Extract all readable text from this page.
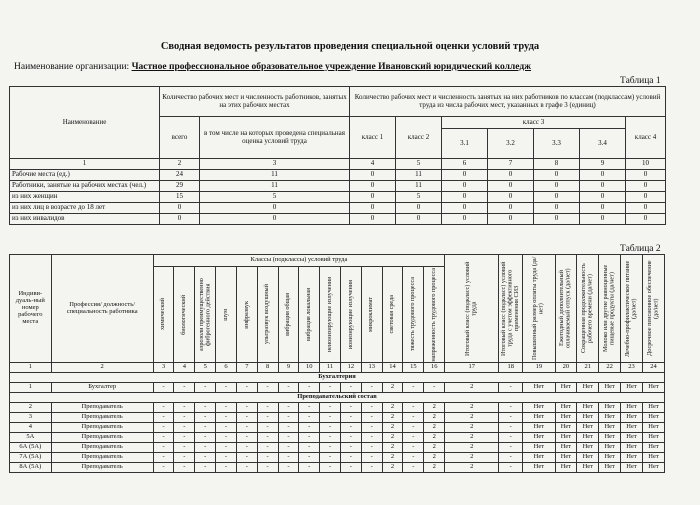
Сводная ведомость результатов проведения специальной оценки условий труда
Наименование организации: Частное профессиональное образовательное учреждение Ивановский юридический колледж
Таблица 1
Наименование	Количество рабочих мест и численность работников, занятых на этих рабочих местах		Количество рабочих мест и численность занятых на них работников по классам (подклассам) условий труда из числа рабочих мест, указанных в графе 3 (единиц)						
	всего	в том числе на которых проведена специальная оценка условий труда	класс 1	класс 2	класс 3				класс 4
					3.1	3.2	3.3	3.4	
1	2	3	4	5	6	7	8	9	10
Рабочие места (ед.)	24	11	0	11	0	0	0	0	0
Работники, занятые на рабочих местах (чел.)	29	11	0	11	0	0	0	0	0
из них женщин	15	5	0	5	0	0	0	0	0
из них лиц в возрасте до 18 лет	0	0	0	0	0	0	0	0	0
из них инвалидов	0	0	0	0	0	0	0	0	0
Таблица 2
Индиви-дуаль-ный номер рабочего места	Профессия/ должность/ специальность работника	Классы (подклассы) условий труда														Итоговый класс (подкласс) условий труда	Итоговый класс (подкласс) условий труда с учетом эффективного применения СИЗ	Повышенный размер оплаты труда (да/нет)	Ежегодный дополнительный оплачиваемый отпуск (да/нет)	Сокращенная продолжительность рабочего времени (да/нет)	Молоко или другие равноценные пищевые продукты (да/нет)	Лечебно-профилактическое питание (да/нет)	Досрочное пенсионное обеспечение (да/нет)

		химический	биологический	аэрозоли преимущественно фиброгенного действия	шум	инфразвук	ультразвук воздушный	вибрация общая	вибрация локальная	неионизирующие излучения	ионизирующие излучения	микроклимат	световая среда	тяжесть трудового процесса	напряженность трудового процесса								

1	2	3	4	5	6	7	8	9	10	11	12	13	14	15	16	17	18	19	20	21	22	23	24
Бухгалтерия																							
1	Бухгалтер	-	-	-	-	-	-	-	-	-	-	-	2	-	-	2	-	Нет	Нет	Нет	Нет	Нет	Нет
Преподавательский состав																							
2	Преподаватель	-	-	-	-	-	-	-	-	-	-	-	2	-	2	2	-	Нет	Нет	Нет	Нет	Нет	Нет
3	Преподаватель	-	-	-	-	-	-	-	-	-	-	-	2	-	2	2	-	Нет	Нет	Нет	Нет	Нет	Нет
4	Преподаватель	-	-	-	-	-	-	-	-	-	-	-	2	-	2	2	-	Нет	Нет	Нет	Нет	Нет	Нет
5А	Преподаватель	-	-	-	-	-	-	-	-	-	-	-	2	-	2	2	-	Нет	Нет	Нет	Нет	Нет	Нет
6А (5А)	Преподаватель	-	-	-	-	-	-	-	-	-	-	-	2	-	2	2	-	Нет	Нет	Нет	Нет	Нет	Нет
7А (5А)	Преподаватель	-	-	-	-	-	-	-	-	-	-	-	2	-	2	2	-	Нет	Нет	Нет	Нет	Нет	Нет
8А (5А)	Преподаватель	-	-	-	-	-	-	-	-	-	-	-	2	-	2	2	-	Нет	Нет	Нет	Нет	Нет	Нет
